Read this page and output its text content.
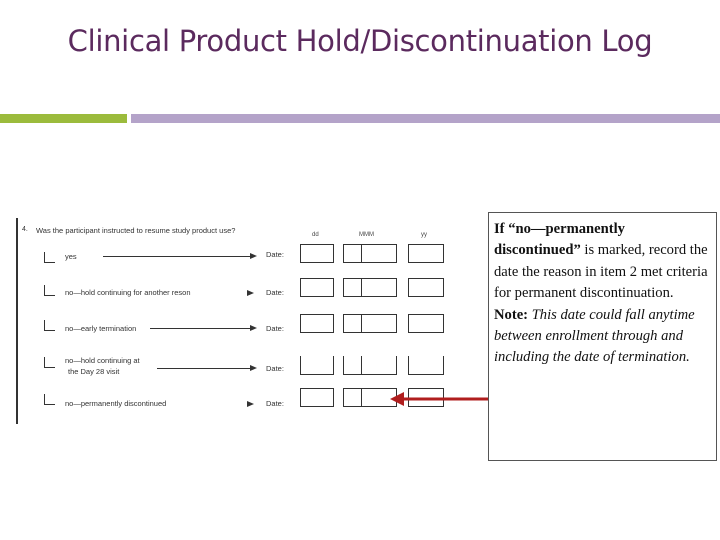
Clinical Product Hold/Discontinuation Log
4. Was the participant instructed to resume study product use?	dd	MMM	yy
yes	Date:
no—hold continuing for another reson	Date:
no—early termination	Date:
no—hold continuing at
the Day 28 visit	Date:
no—permanently discontinued	Date:
If “no—permanently discontinued” is marked, record the date the reason in item 2 met criteria for permanent discontinuation.
Note: This date could fall anytime between enrollment through and including the date of termination.
